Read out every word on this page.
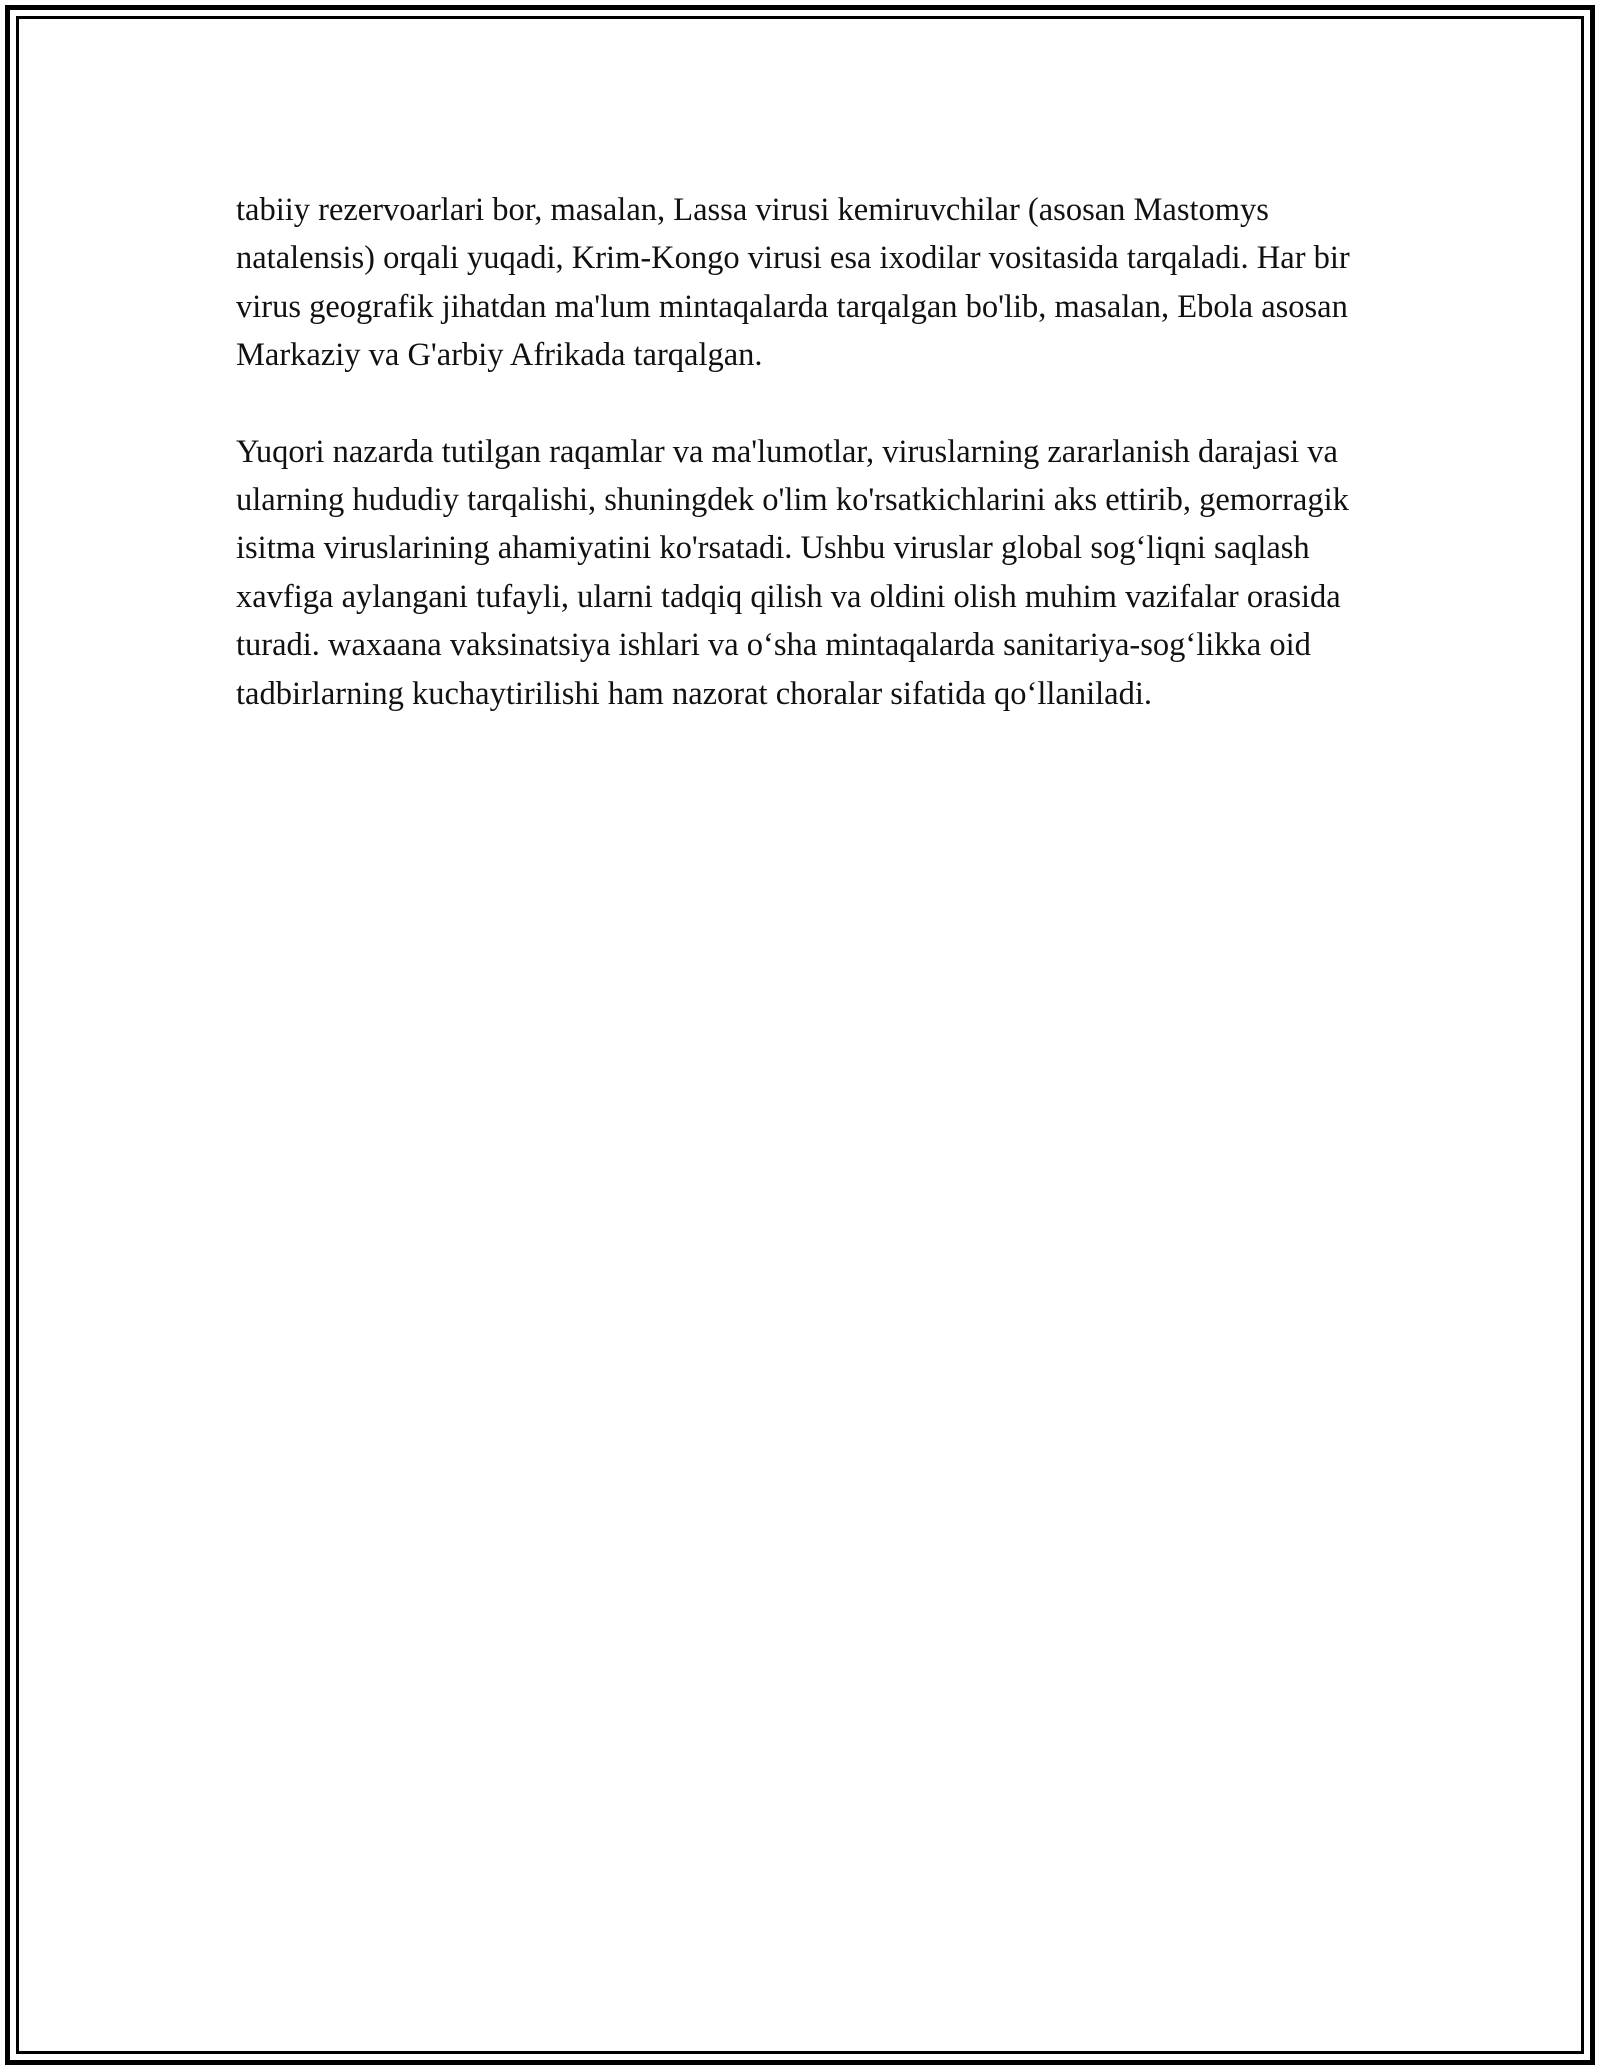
tabiiy rezervoarlari bor, masalan, Lassa virusi kemiruvchilar (asosan Mastomys natalensis) orqali yuqadi, Krim-Kongo virusi esa ixodilar vositasida tarqaladi. Har bir virus geografik jihatdan ma'lum mintaqalarda tarqalgan bo'lib, masalan, Ebola asosan Markaziy va G'arbiy Afrikada tarqalgan.

Yuqori nazarda tutilgan raqamlar va ma'lumotlar, viruslarning zararlanish darajasi va ularning hududiy tarqalishi, shuningdek o'lim ko'rsatkichlarini aks ettirib, gemorragik isitma viruslarining ahamiyatini ko'rsatadi. Ushbu viruslar global sog‘liqni saqlash xavfiga aylangani tufayli, ularni tadqiq qilish va oldini olish muhim vazifalar orasida turadi. waxaana vaksinatsiya ishlari va o‘sha mintaqalarda sanitariya-sog‘likka oid tadbirlarning kuchaytirilishi ham nazorat choralar sifatida qo‘llaniladi.
